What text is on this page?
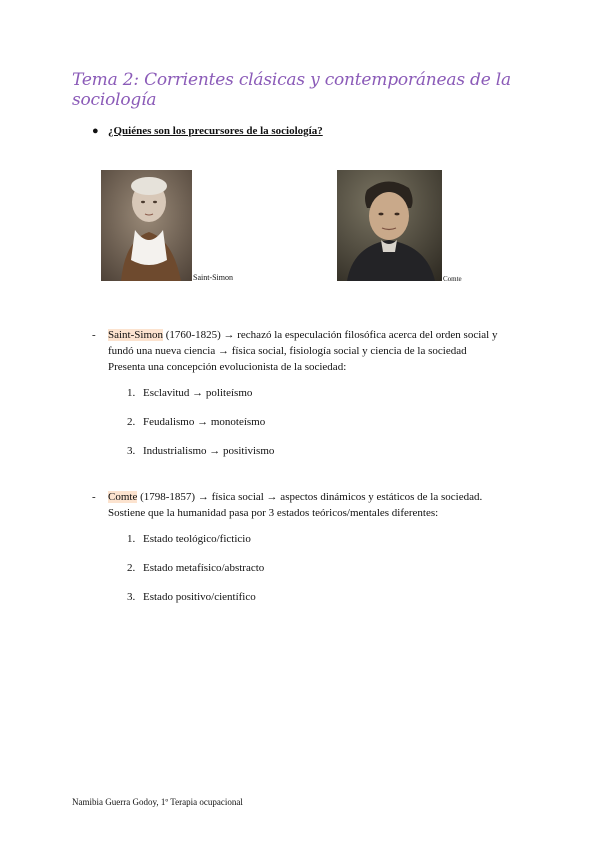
Tema 2: Corrientes clásicas y contemporáneas de la sociología
● ¿Quiénes son los precursores de la sociología?
Saint-Simon	Comte
- Saint-Simon (1760-1825) → rechazó la especulación filosófica acerca del orden social y
fundó una nueva ciencia → física social, fisiología social y ciencia de la sociedad
Presenta una concepción evolucionista de la sociedad:
1. Esclavitud → politeísmo
2. Feudalismo → monoteísmo
3. Industrialismo → positivismo
- Comte (1798-1857) → física social → aspectos dinámicos y estáticos de la sociedad.
Sostiene que la humanidad pasa por 3 estados teóricos/mentales diferentes:
1. Estado teológico/ficticio
2. Estado metafísico/abstracto
3. Estado positivo/científico
Namibia Guerra Godoy, 1º Terapia ocupacional
